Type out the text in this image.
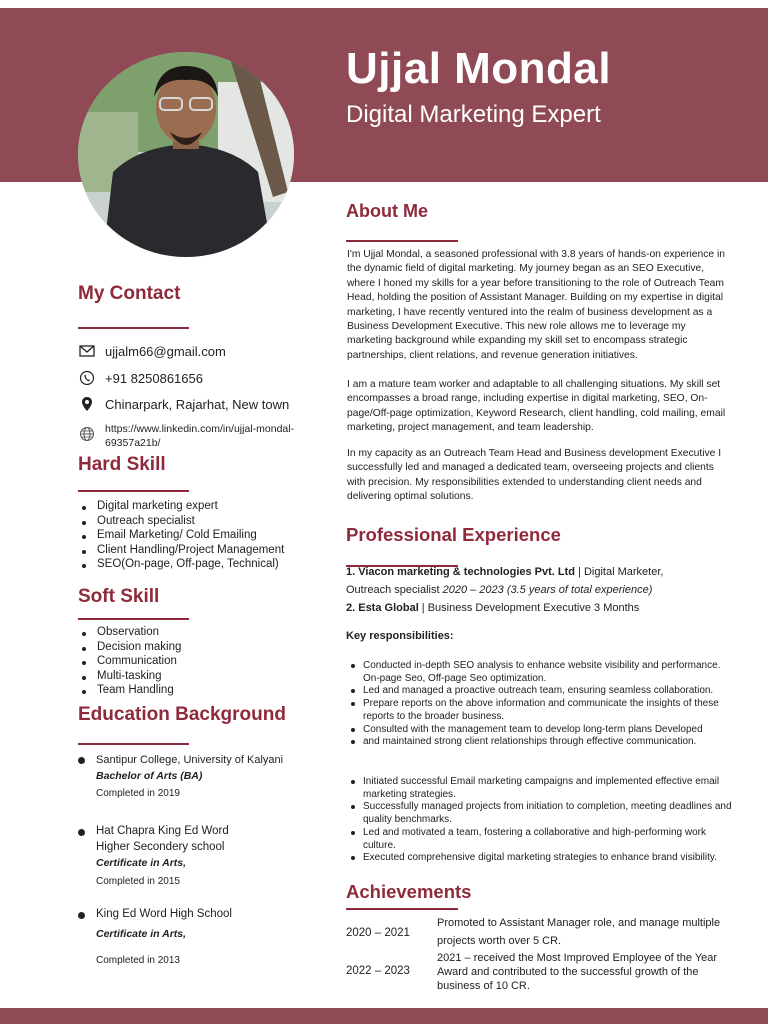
Ujjal Mondal
Digital Marketing Expert
My Contact
ujjalm66@gmail.com
+91 8250861656
Chinarpark, Rajarhat, New town
https://www.linkedin.com/in/ujjal-mondal-
69357a21b/
Hard Skill
Digital marketing expert
Outreach specialist
Email Marketing/ Cold Emailing
Client Handling/Project Management
SEO(On-page, Off-page, Technical)
Soft Skill
Observation
Decision making
Communication
Multi-tasking
Team Handling
Education Background
Santipur College, University of Kalyani
Bachelor of Arts (BA)
Completed in 2019
Hat Chapra King Ed Word
Higher Secondery school
Certificate in Arts,
Completed in 2015
King Ed Word High School
Certificate in Arts,
Completed in 2013
About Me
I'm Ujjal Mondal, a seasoned professional with 3.8 years of hands-on experience in the dynamic field of digital marketing. My journey began as an SEO Executive, where I honed my skills for a year before transitioning to the role of Outreach Team Head, holding the position of Assistant Manager. Building on my expertise in digital marketing, I have recently ventured into the realm of business development as a Business Development Executive. This new role allows me to leverage my marketing background while expanding my skill set to encompass strategic partnerships, client relations, and revenue generation initiatives.
I am a mature team worker and adaptable to all challenging situations. My skill set encompasses a broad range, including expertise in digital marketing, SEO, On-page/Off-page optimization, Keyword Research, client handling, cold mailing, email marketing, project management, and team leadership.
In my capacity as an Outreach Team Head and Business development Executive I successfully led and managed a dedicated team, overseeing projects and clients with precision. My responsibilities extended to understanding client needs and delivering optimal solutions.
Professional Experience
1. Viacon marketing & technologies Pvt. Ltd | Digital Marketer,
Outreach specialist 2020 – 2023 (3.5 years of total experience)
2. Esta Global | Business Development Executive 3 Months
Key responsibilities:
Conducted in-depth SEO analysis to enhance website visibility and performance. On-page Seo, Off-page Seo optimization.
Led and managed a proactive outreach team, ensuring seamless collaboration.
Prepare reports on the above information and communicate the insights of these reports to the broader business.
Consulted with the management team to develop long-term plans Developed
and maintained strong client relationships through effective communication.
Initiated successful Email marketing campaigns and implemented effective email marketing strategies.
Successfully managed projects from initiation to completion, meeting deadlines and quality benchmarks.
Led and motivated a team, fostering a collaborative and high-performing work culture.
Executed comprehensive digital marketing strategies to enhance brand visibility.
Achievements
2020 – 2021
Promoted to Assistant Manager role, and manage multiple projects worth over 5 CR.
2022 – 2023
2021 – received the Most Improved Employee of the Year Award and contributed to the successful growth of the business of 10 CR.
